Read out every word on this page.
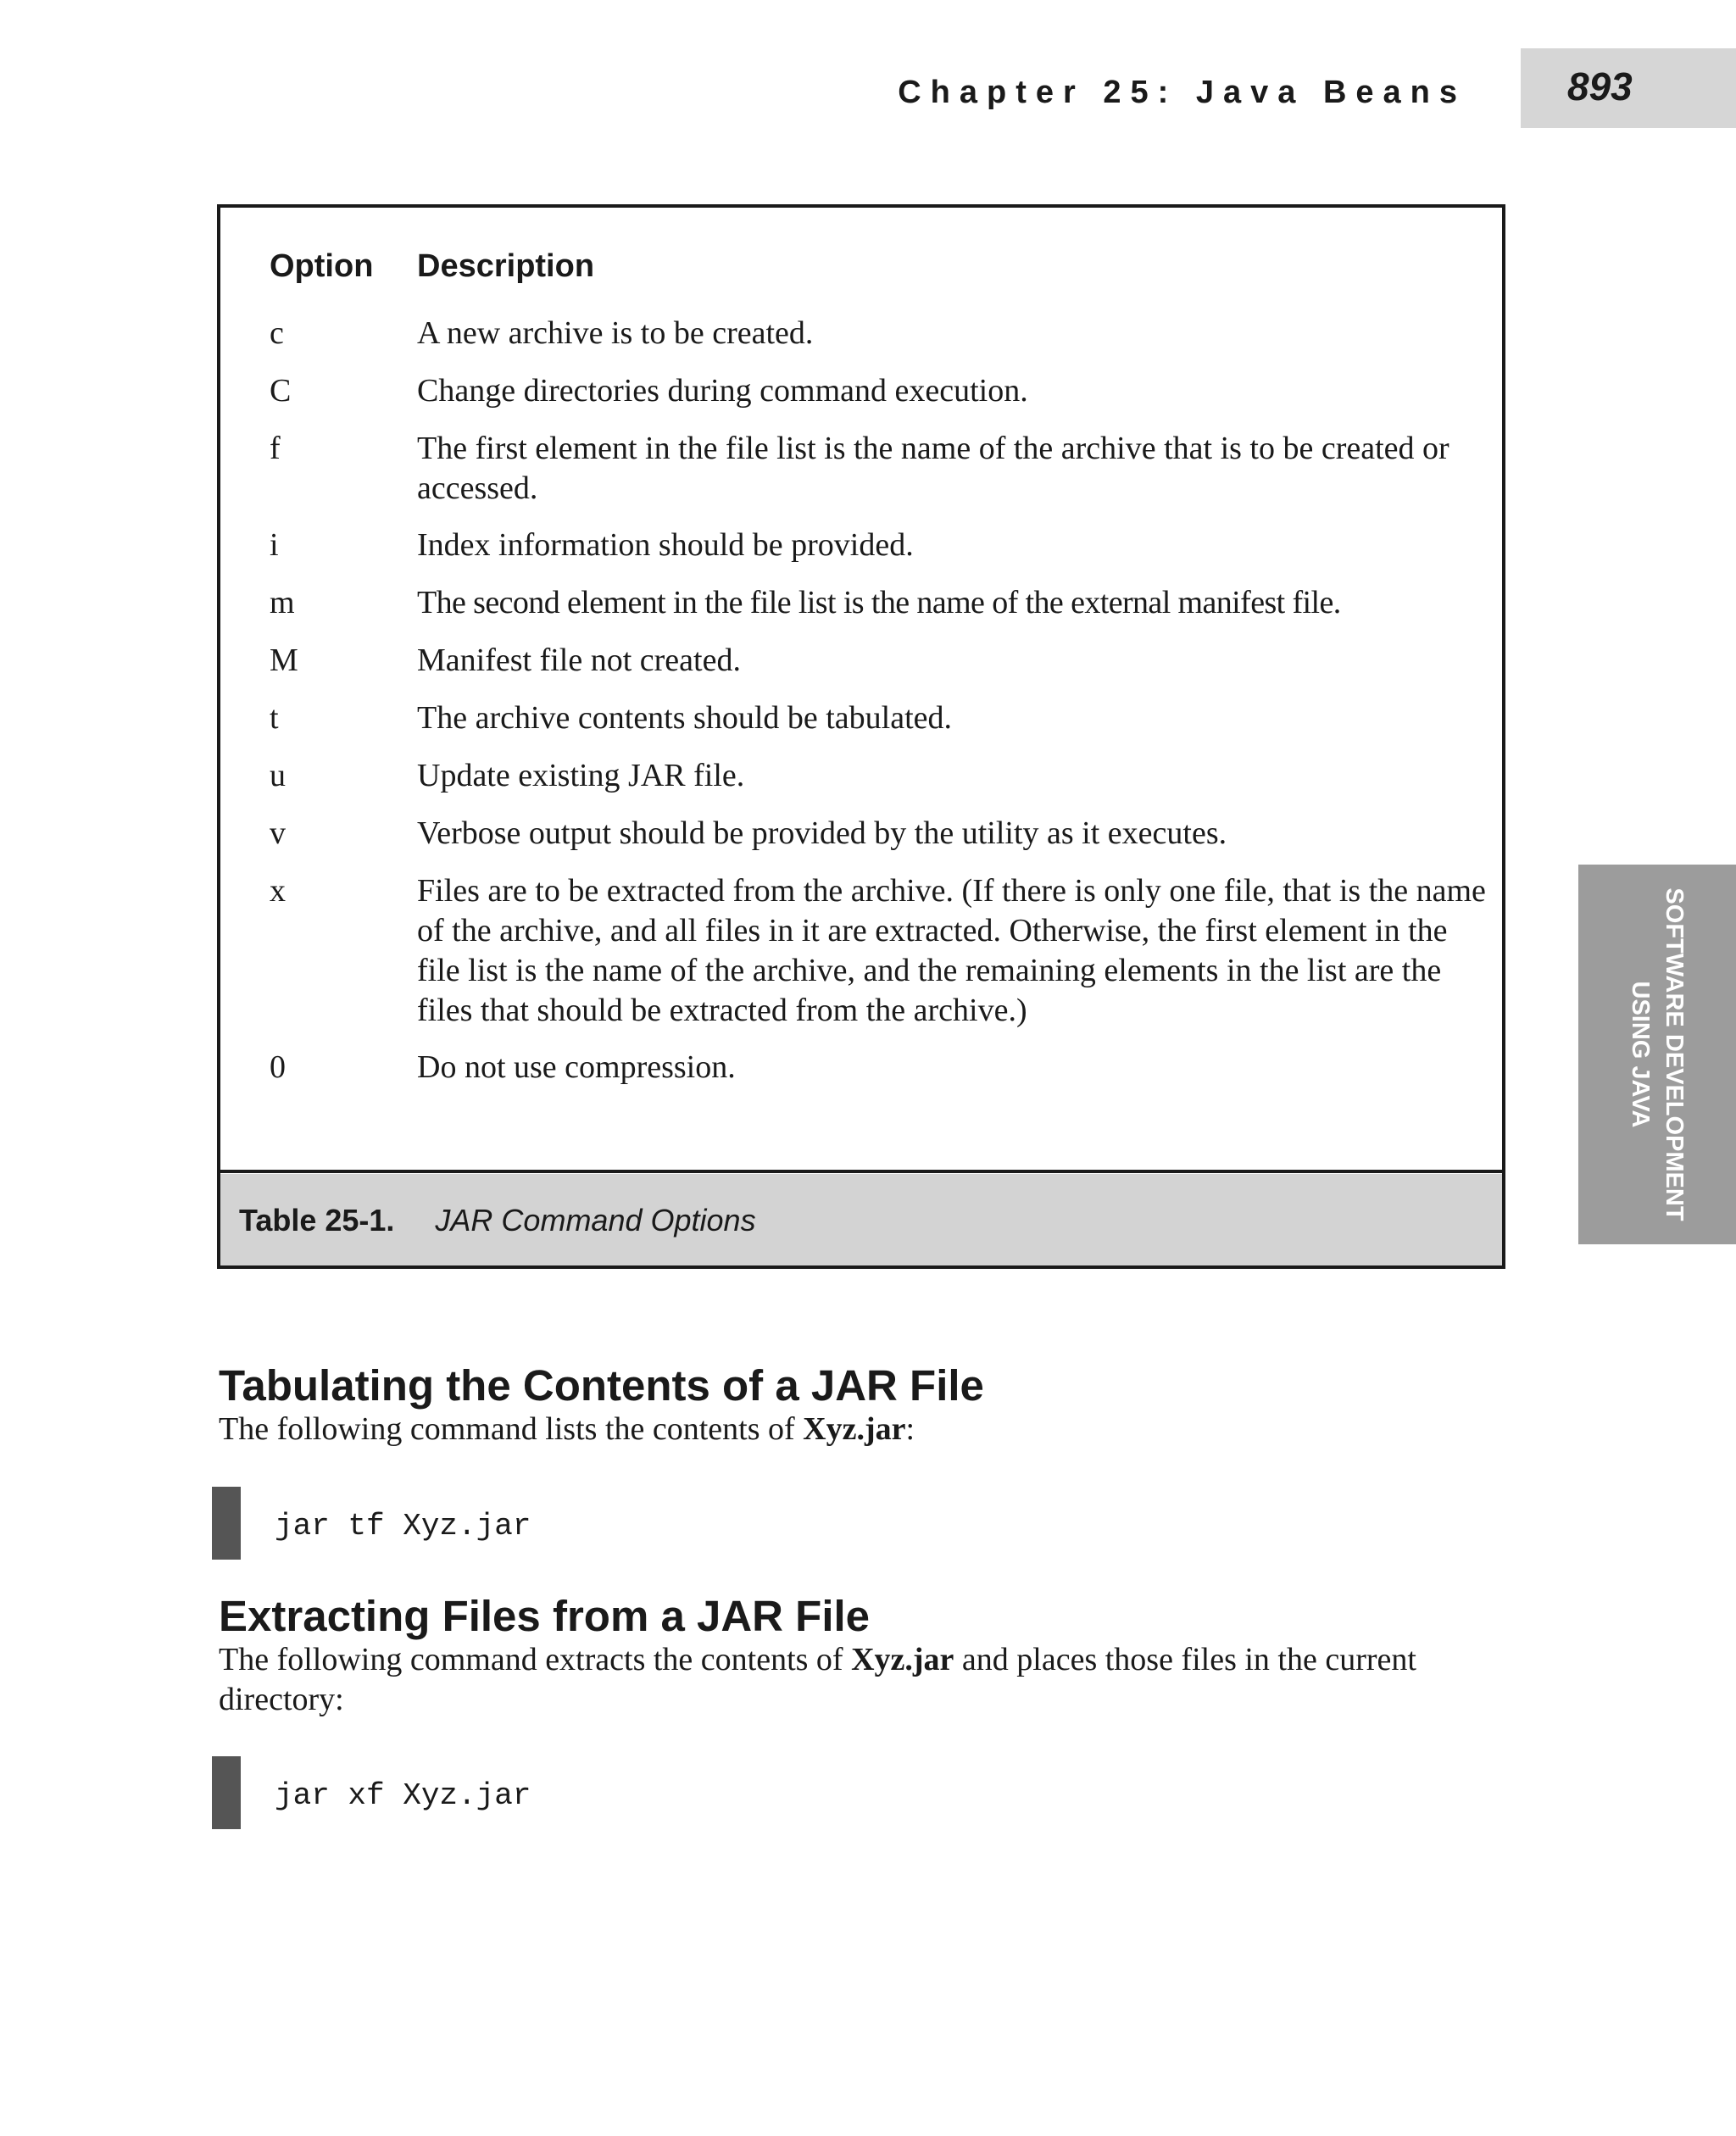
Chapter 25: Java Beans	893
SOFTWARE DEVELOPMENT
USING JAVA
Option Description
c	A new archive is to be created.
C	Change directories during command execution.
f	The first element in the file list is the name of the archive that is to be created or accessed.
i	Index information should be provided.
m	The second element in the file list is the name of the external manifest file.
M	Manifest file not created.
t	The archive contents should be tabulated.
u	Update existing JAR file.
v	Verbose output should be provided by the utility as it executes.
x	Files are to be extracted from the archive. (If there is only one file, that is the name of the archive, and all files in it are extracted. Otherwise, the first element in the file list is the name of the archive, and the remaining elements in the list are the files that should be extracted from the archive.)
0	Do not use compression.
Table 25-1. JAR Command Options
Tabulating the Contents of a JAR File
The following command lists the contents of Xyz.jar:
jar tf Xyz.jar
Extracting Files from a JAR File
The following command extracts the contents of Xyz.jar and places those files in the current directory:
jar xf Xyz.jar
